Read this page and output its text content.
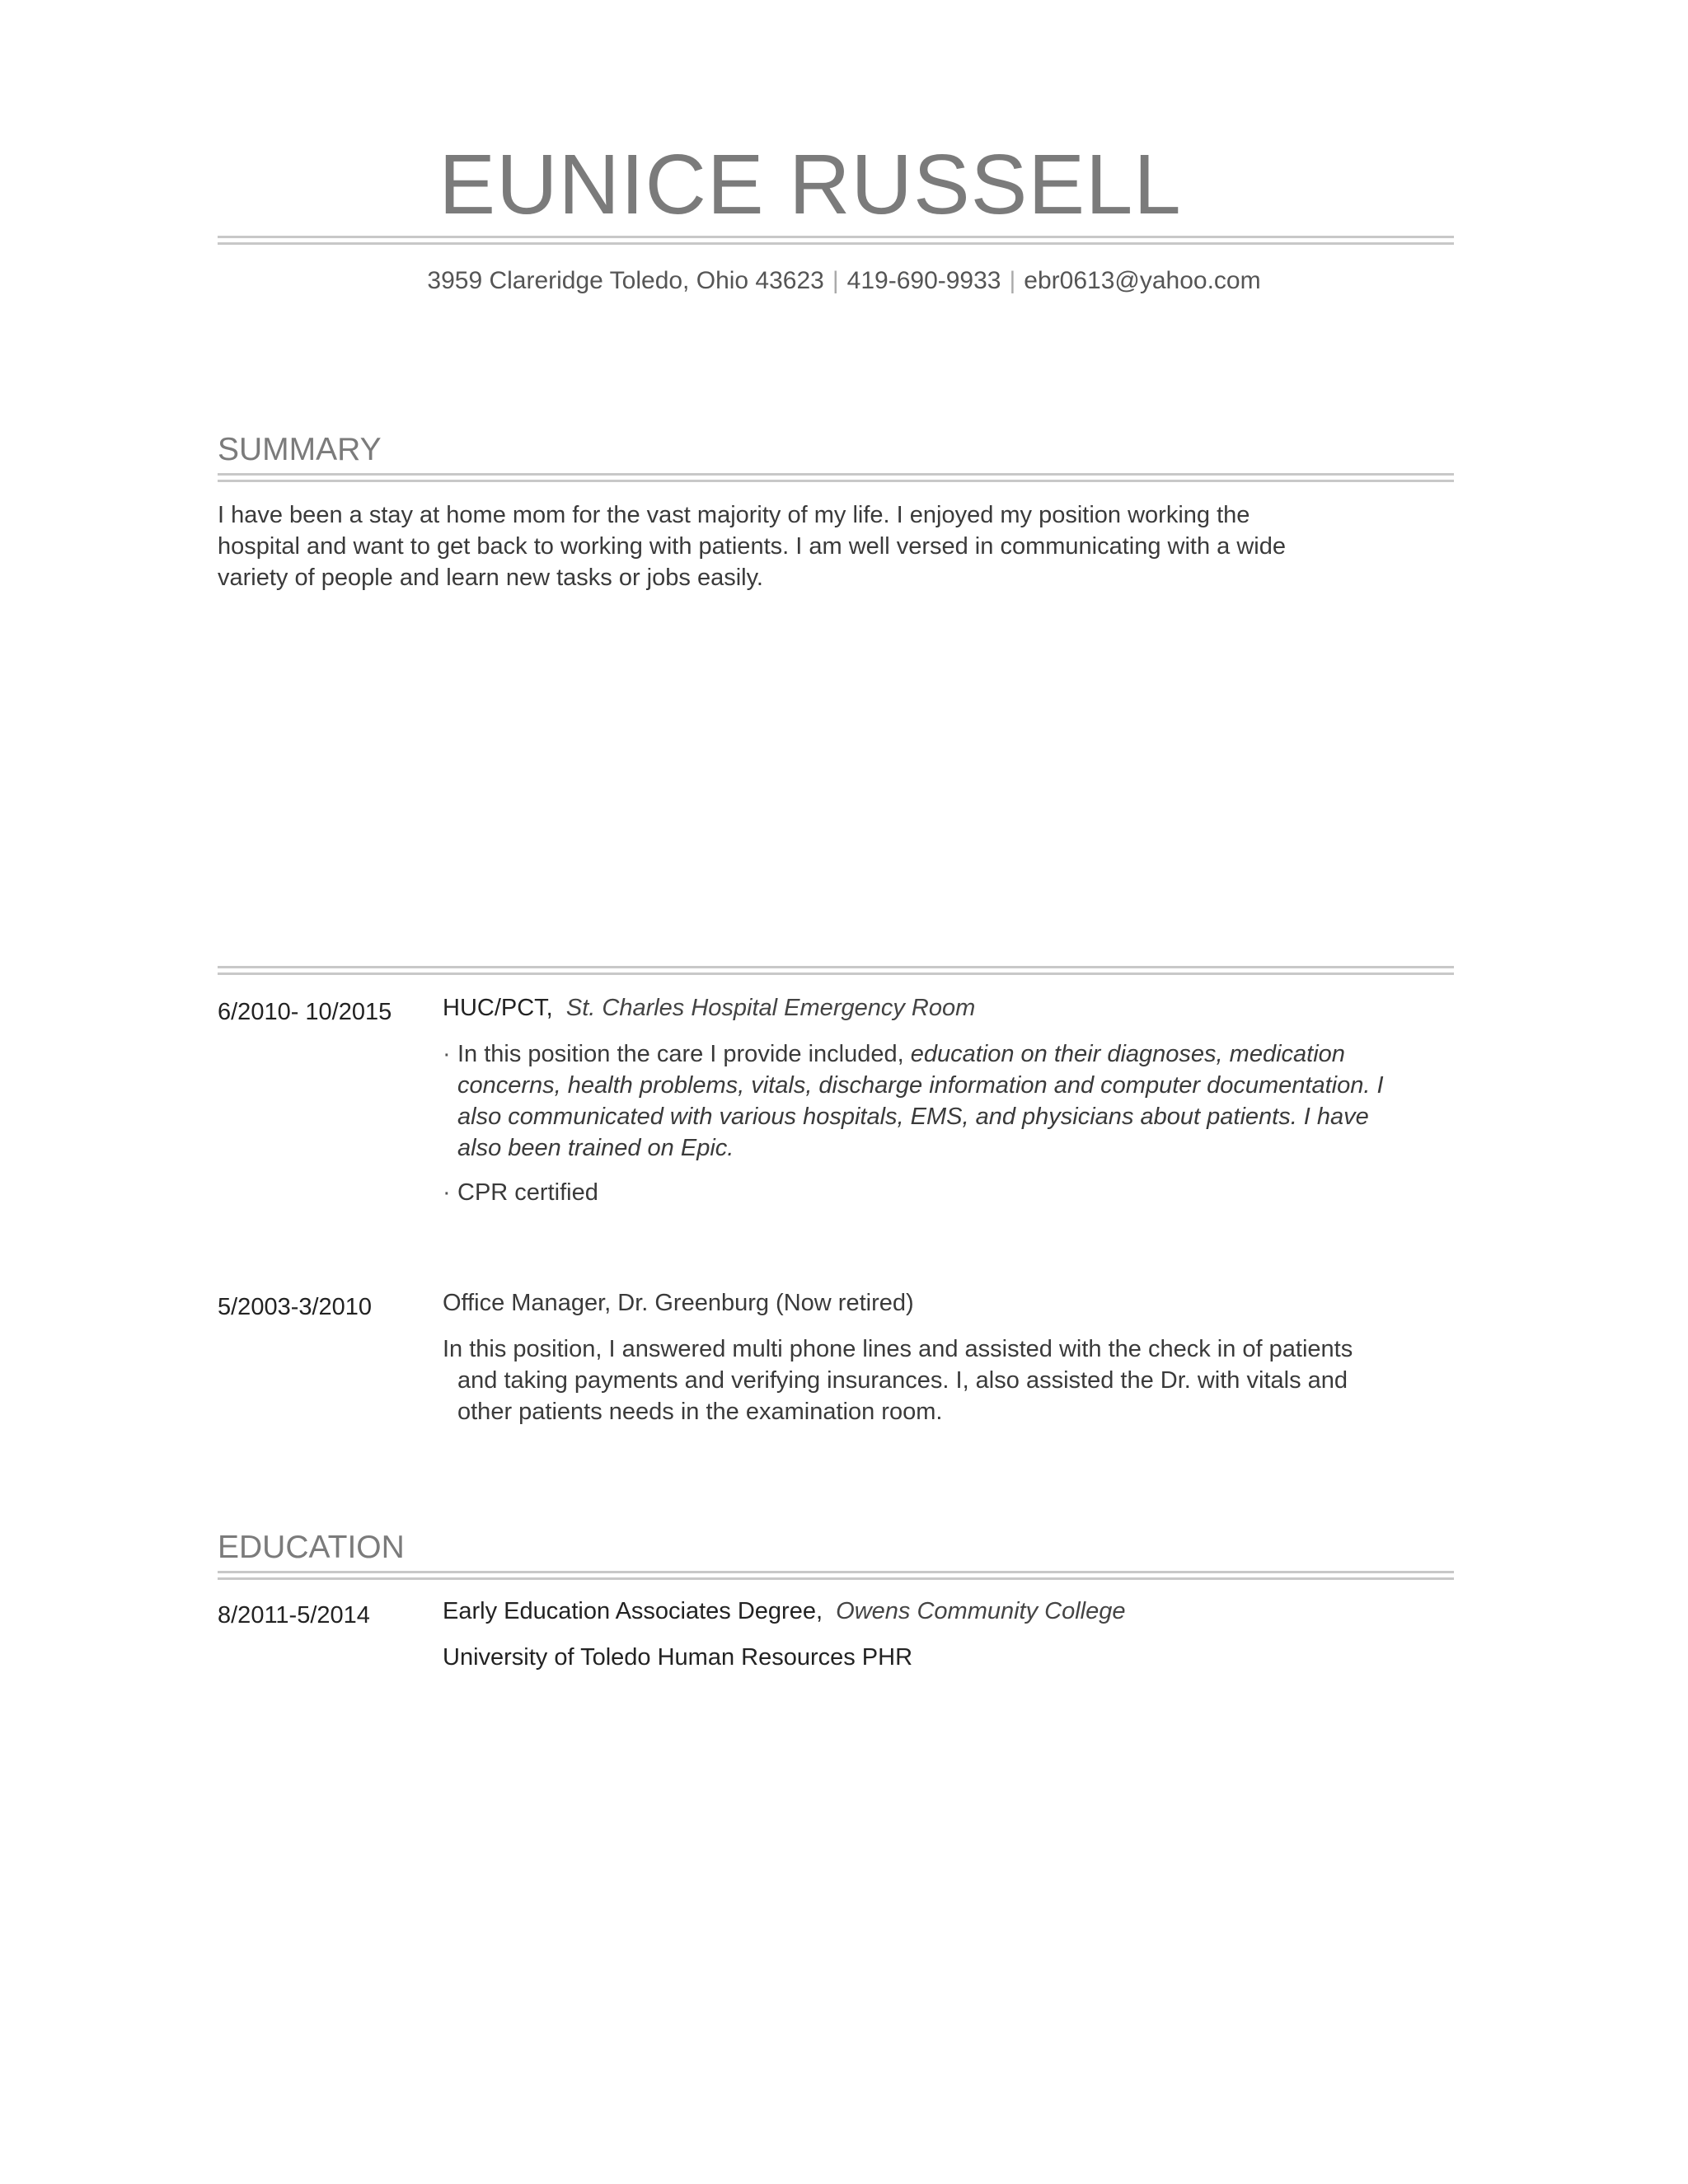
EUNICE RUSSELL
3959 Clareridge Toledo, Ohio 43623 | 419-690-9933 | ebr0613@yahoo.com
SUMMARY
I have been a stay at home mom for the vast majority of my life. I enjoyed my position working the hospital and want to get back to working with patients. I am well versed in communicating with a wide variety of people and learn new tasks or jobs easily.
6/2010- 10/2015 HUC/PCT, St. Charles Hospital Emergency Room
· In this position the care I provide included, education on their diagnoses, medication concerns, health problems, vitals, discharge information and computer documentation. I also communicated with various hospitals, EMS, and physicians about patients. I have also been trained on Epic.
· CPR certified
5/2003-3/2010	Office Manager, Dr. Greenburg (Now retired)
In this position, I answered multi phone lines and assisted with the check in of patients and taking payments and verifying insurances. I, also assisted the Dr. with vitals and other patients needs in the examination room.
EDUCATION
8/2011-5/2014	Early Education Associates Degree, Owens Community College
University of Toledo Human Resources PHR
